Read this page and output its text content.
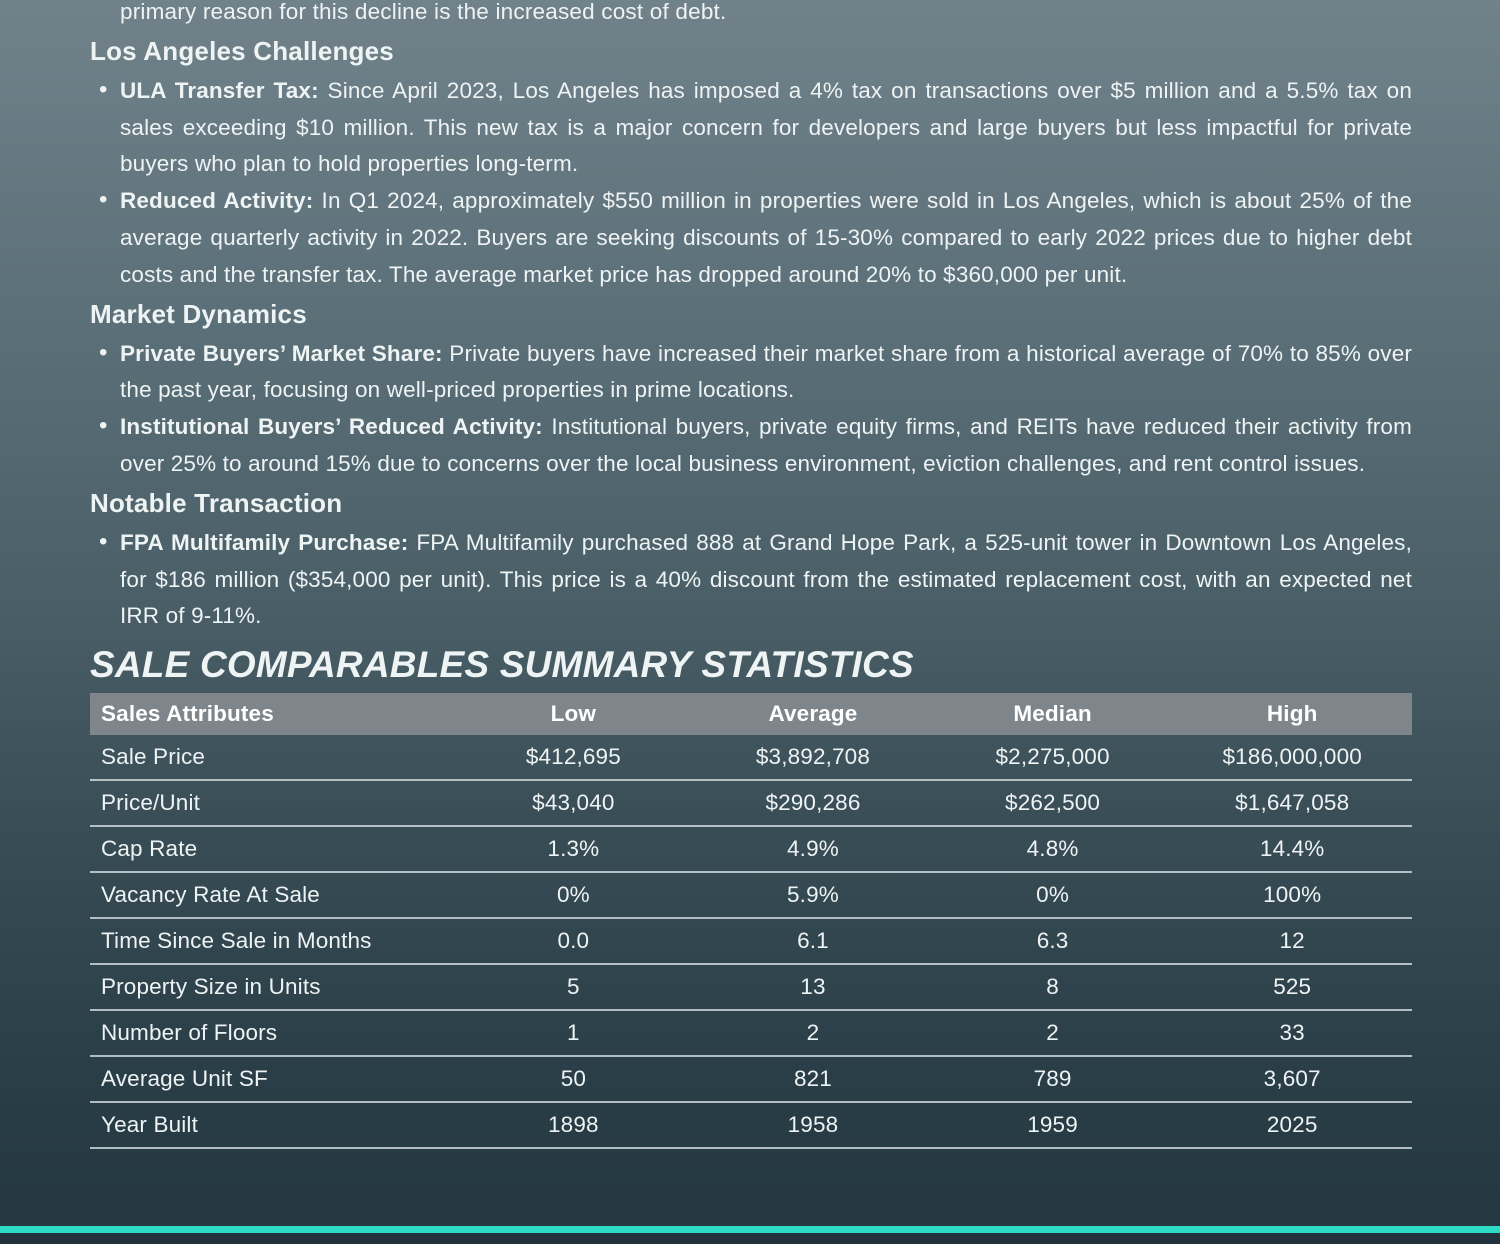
primary reason for this decline is the increased cost of debt.
Los Angeles Challenges
• ULA Transfer Tax: Since April 2023, Los Angeles has imposed a 4% tax on transactions over $5 million and a 5.5% tax on sales exceeding $10 million. This new tax is a major concern for developers and large buyers but less impactful for private buyers who plan to hold properties long-term.
• Reduced Activity: In Q1 2024, approximately $550 million in properties were sold in Los Angeles, which is about 25% of the average quarterly activity in 2022. Buyers are seeking discounts of 15-30% compared to early 2022 prices due to higher debt costs and the transfer tax. The average market price has dropped around 20% to $360,000 per unit.
Market Dynamics
• Private Buyers’ Market Share: Private buyers have increased their market share from a historical average of 70% to 85% over the past year, focusing on well-priced properties in prime locations.
• Institutional Buyers’ Reduced Activity: Institutional buyers, private equity firms, and REITs have reduced their activity from over 25% to around 15% due to concerns over the local business environment, eviction challenges, and rent control issues.
Notable Transaction
• FPA Multifamily Purchase: FPA Multifamily purchased 888 at Grand Hope Park, a 525-unit tower in Downtown Los Angeles, for $186 million ($354,000 per unit). This price is a 40% discount from the estimated replacement cost, with an expected net IRR of 9-11%.
SALE COMPARABLES SUMMARY STATISTICS
Sales Attributes	Low	Average	Median	High
Sale Price	$412,695	$3,892,708	$2,275,000	$186,000,000
Price/Unit	$43,040	$290,286	$262,500	$1,647,058
Cap Rate	1.3%	4.9%	4.8%	14.4%
Vacancy Rate At Sale	0%	5.9%	0%	100%
Time Since Sale in Months	0.0	6.1	6.3	12
Property Size in Units	5	13	8	525
Number of Floors	1	2	2	33
Average Unit SF	50	821	789	3,607
Year Built	1898	1958	1959	2025
